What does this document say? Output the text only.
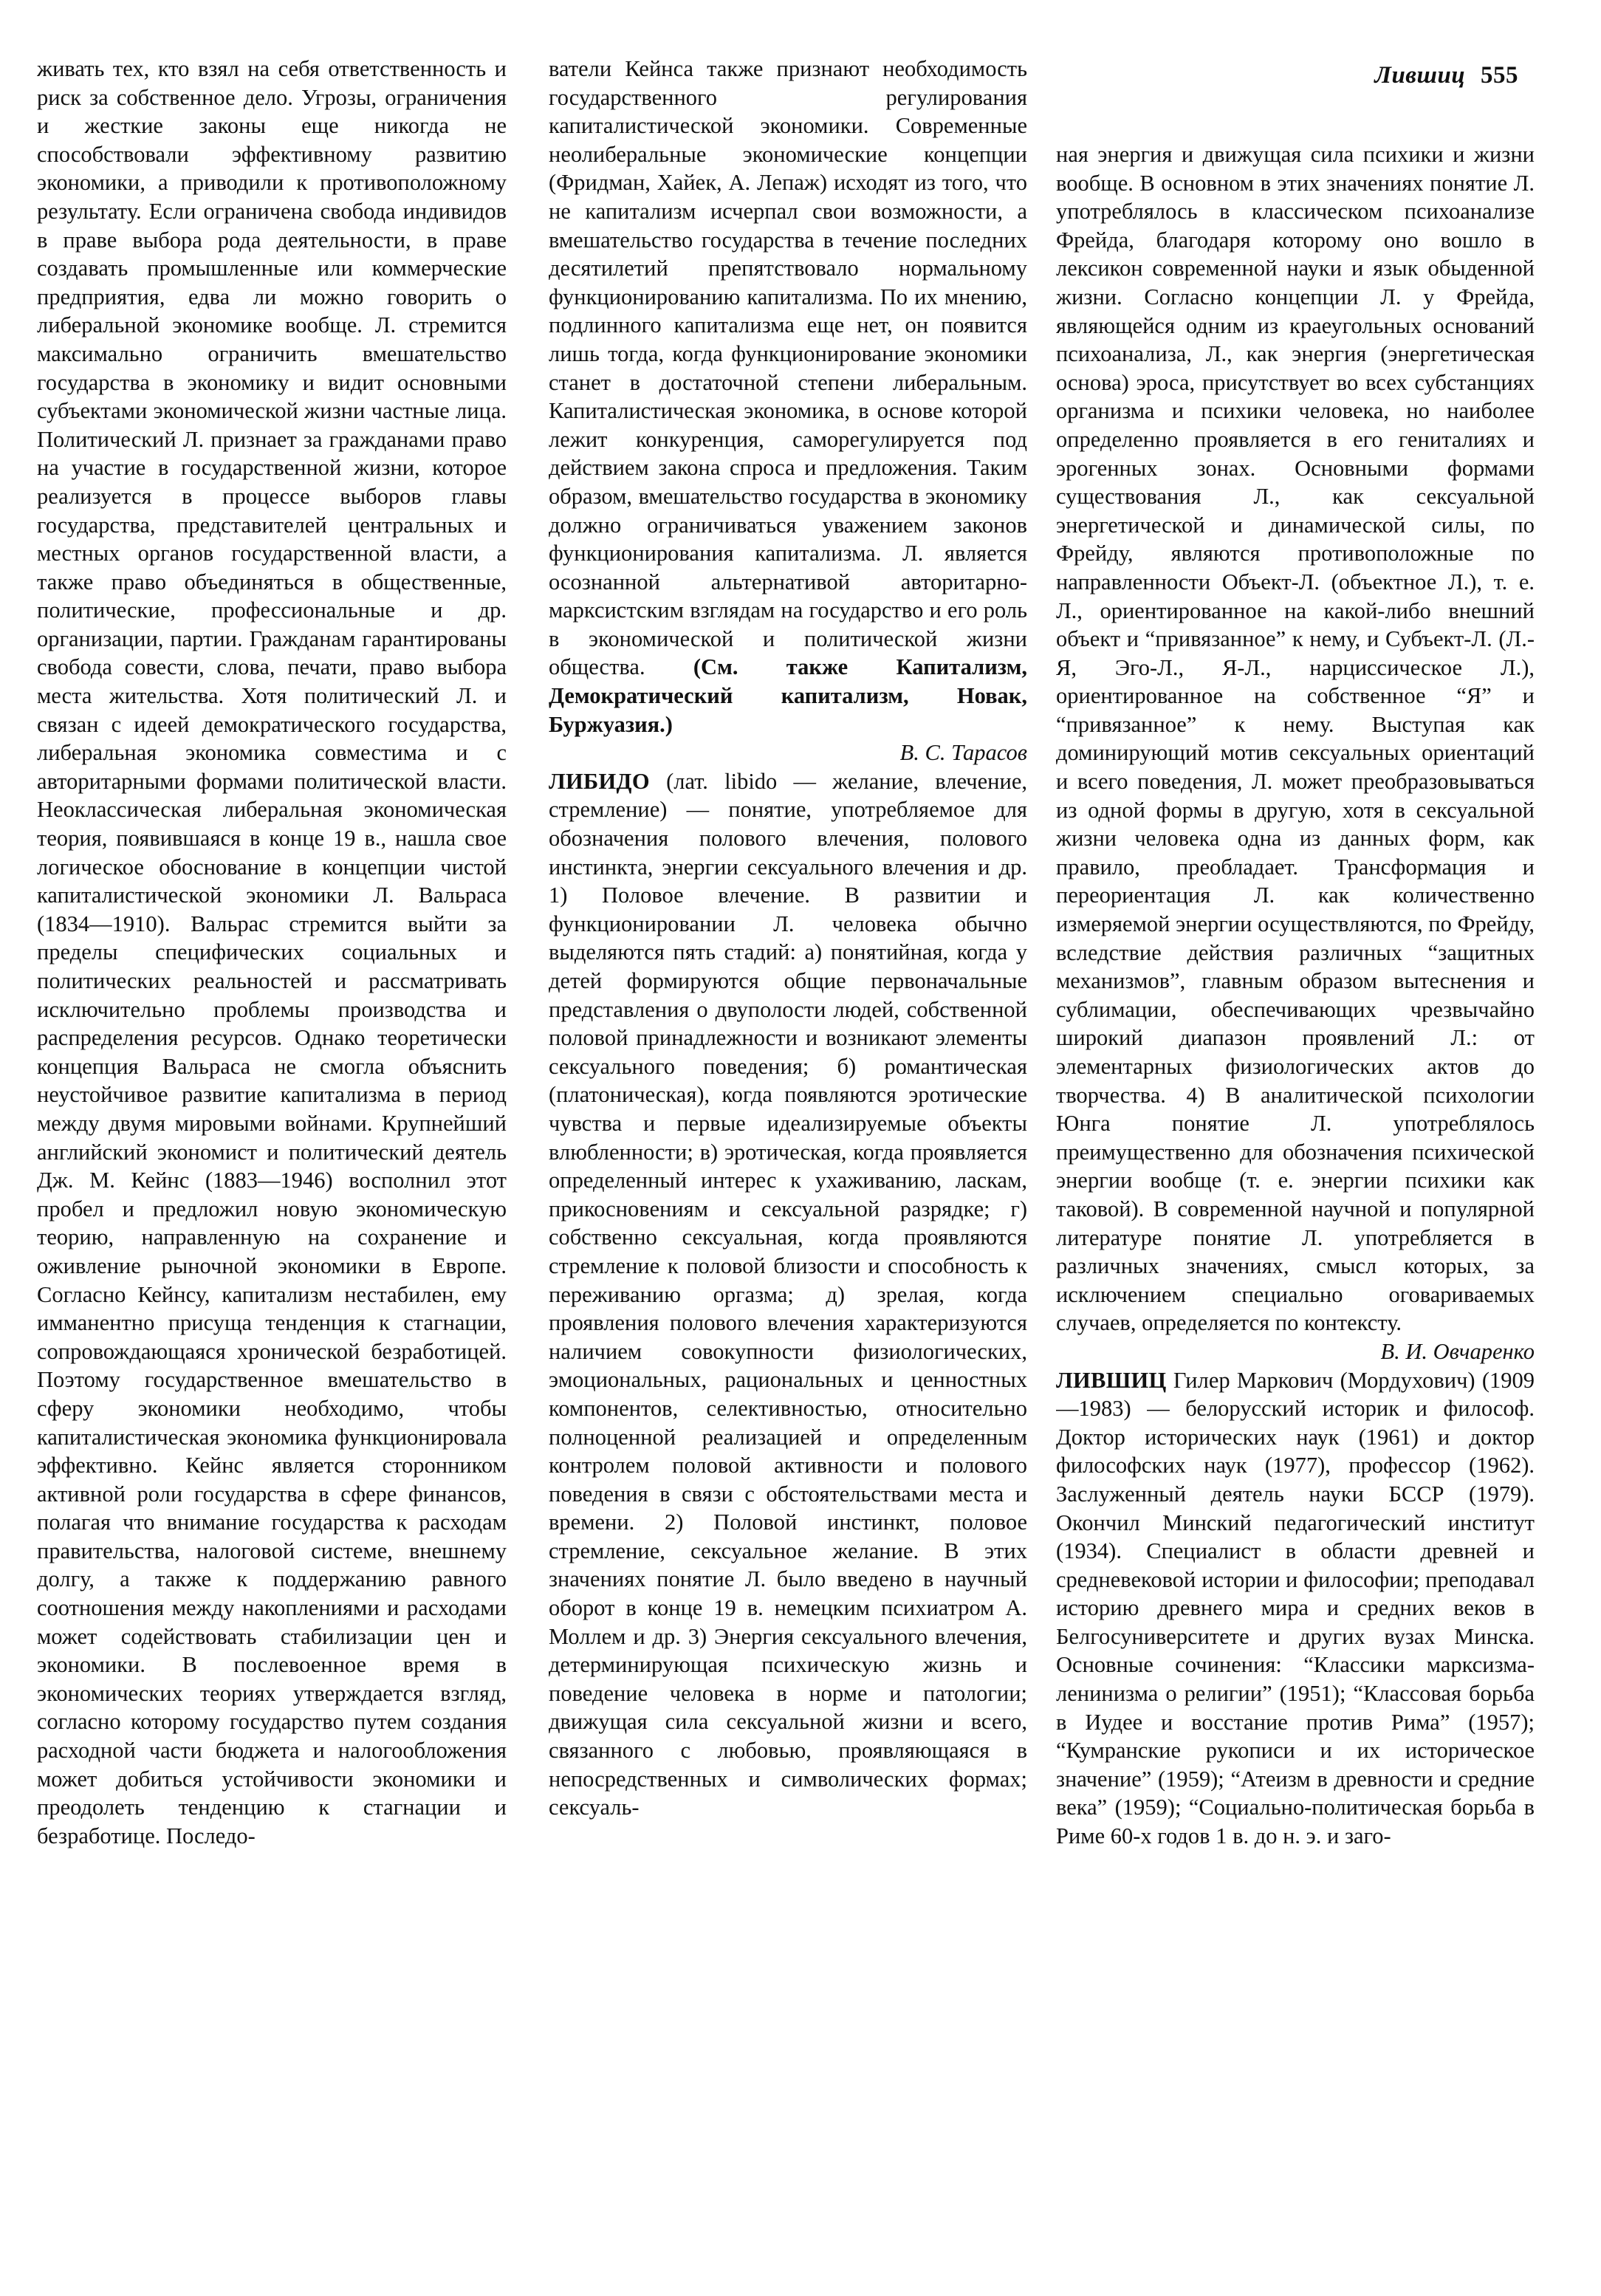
Лившиц 555

живать тех, кто взял на себя ответственность и риск за собственное дело. Угрозы, ограничения и жесткие законы еще никогда не способствовали эффективному развитию экономики, а приводили к противоположному результату. Если ограничена свобода индивидов в праве выбора рода деятельности, в праве создавать промышленные или коммерческие предприятия, едва ли можно говорить о либеральной экономике вообще. Л. стремится максимально ограничить вмешательство государства в экономику и видит основными субъектами экономической жизни частные лица. Политический Л. признает за гражданами право на участие в государственной жизни, которое реализуется в процессе выборов главы государства, представителей центральных и местных органов государственной власти, а также право объединяться в общественные, политические, профессиональные и др. организации, партии. Гражданам гарантированы свобода совести, слова, печати, право выбора места жительства. Хотя политический Л. и связан с идеей демократического государства, либеральная экономика совместима и с авторитарными формами политической власти. Неоклассическая либеральная экономическая теория, появившаяся в конце 19 в., нашла свое логическое обоснование в концепции чистой капиталистической экономики Л. Вальраса (1834—1910). Вальрас стремится выйти за пределы специфических социальных и политических реальностей и рассматривать исключительно проблемы производства и распределения ресурсов. Однако теоретически концепция Вальраса не смогла объяснить неустойчивое развитие капитализма в период между двумя мировыми войнами. Крупнейший английский экономист и политический деятель Дж. М. Кейнс (1883—1946) восполнил этот пробел и предложил новую экономическую теорию, направленную на сохранение и оживление рыночной экономики в Европе. Согласно Кейнсу, капитализм нестабилен, ему имманентно присуща тенденция к стагнации, сопровождающаяся хронической безработицей. Поэтому государственное вмешательство в сферу экономики необходимо, чтобы капиталистическая экономика функционировала эффективно. Кейнс является сторонником активной роли государства в сфере финансов, полагая что внимание государства к расходам правительства, налоговой системе, внешнему долгу, а также к поддержанию равного соотношения между накоплениями и расходами может содействовать стабилизации цен и экономики. В послевоенное время в экономических теориях утверждается взгляд, согласно которому государство путем создания расходной части бюджета и налогообложения может добиться устойчивости экономики и преодолеть тенденцию к стагнации и безработице. Последо-

ватели Кейнса также признают необходимость государственного регулирования капиталистической экономики. Современные неолиберальные экономические концепции (Фридман, Хайек, А. Лепаж) исходят из того, что не капитализм исчерпал свои возможности, а вмешательство государства в течение последних десятилетий препятствовало нормальному функционированию капитализма. По их мнению, подлинного капитализма еще нет, он появится лишь тогда, когда функционирование экономики станет в достаточной степени либеральным. Капиталистическая экономика, в основе которой лежит конкуренция, саморегулируется под действием закона спроса и предложения. Таким образом, вмешательство государства в экономику должно ограничиваться уважением законов функционирования капитализма. Л. является осознанной альтернативой авторитарно-марксистским взглядам на государство и его роль в экономической и политической жизни общества. (См. также Капитализм, Демократический капитализм, Новак, Буржуазия.)

В. С. Тарасов

ЛИБИДО (лат. libido — желание, влечение, стремление) — понятие, употребляемое для обозначения полового влечения, полового инстинкта, энергии сексуального влечения и др. 1) Половое влечение. В развитии и функционировании Л. человека обычно выделяются пять стадий: а) понятийная, когда у детей формируются общие первоначальные представления о двуполости людей, собственной половой принадлежности и возникают элементы сексуального поведения; б) романтическая (платоническая), когда появляются эротические чувства и первые идеализируемые объекты влюбленности; в) эротическая, когда проявляется определенный интерес к ухаживанию, ласкам, прикосновениям и сексуальной разрядке; г) собственно сексуальная, когда проявляются стремление к половой близости и способность к переживанию оргазма; д) зрелая, когда проявления полового влечения характеризуются наличием совокупности физиологических, эмоциональных, рациональных и ценностных компонентов, селективностью, относительно полноценной реализацией и определенным контролем половой активности и полового поведения в связи с обстоятельствами места и времени. 2) Половой инстинкт, половое стремление, сексуальное желание. В этих значениях понятие Л. было введено в научный оборот в конце 19 в. немецким психиатром А. Моллем и др. 3) Энергия сексуального влечения, детерминирующая психическую жизнь и поведение человека в норме и патологии; движущая сила сексуальной жизни и всего, связанного с любовью, проявляющаяся в непосредственных и символических формах; сексуаль-

ная энергия и движущая сила психики и жизни вообще. В основном в этих значениях понятие Л. употреблялось в классическом психоанализе Фрейда, благодаря которому оно вошло в лексикон современной науки и язык обыденной жизни. Согласно концепции Л. у Фрейда, являющейся одним из краеугольных оснований психоанализа, Л., как энергия (энергетическая основа) эроса, присутствует во всех субстанциях организма и психики человека, но наиболее определенно проявляется в его гениталиях и эрогенных зонах. Основными формами существования Л., как сексуальной энергетической и динамической силы, по Фрейду, являются противоположные по направленности Объект-Л. (объектное Л.), т. е. Л., ориентированное на какой-либо внешний объект и “привязанное” к нему, и Субъект-Л. (Л.-Я, Эго-Л., Я-Л., нарциссическое Л.), ориентированное на собственное “Я” и “привязанное” к нему. Выступая как доминирующий мотив сексуальных ориентаций и всего поведения, Л. может преобразовываться из одной формы в другую, хотя в сексуальной жизни человека одна из данных форм, как правило, преобладает. Трансформация и переориентация Л. как количественно измеряемой энергии осуществляются, по Фрейду, вследствие действия различных “защитных механизмов”, главным образом вытеснения и сублимации, обеспечивающих чрезвычайно широкий диапазон проявлений Л.: от элементарных физиологических актов до творчества. 4) В аналитической психологии Юнга понятие Л. употреблялось преимущественно для обозначения психической энергии вообще (т. е. энергии психики как таковой). В современной научной и популярной литературе понятие Л. употребляется в различных значениях, смысл которых, за исключением специально оговариваемых случаев, определяется по контексту.

В. И. Овчаренко

ЛИВШИЦ Гилер Маркович (Мордухович) (1909—1983) — белорусский историк и философ. Доктор исторических наук (1961) и доктор философских наук (1977), профессор (1962). Заслуженный деятель науки БССР (1979). Окончил Минский педагогический институт (1934). Специалист в области древней и средневековой истории и философии; преподавал историю древнего мира и средних веков в Белгосуниверситете и других вузах Минска. Основные сочинения: “Классики марксизма-ленинизма о религии” (1951); “Классовая борьба в Иудее и восстание против Рима” (1957); “Кумранские рукописи и их историческое значение” (1959); “Атеизм в древности и средние века” (1959); “Социально-политическая борьба в Риме 60-х годов 1 в. до н. э. и заго-
